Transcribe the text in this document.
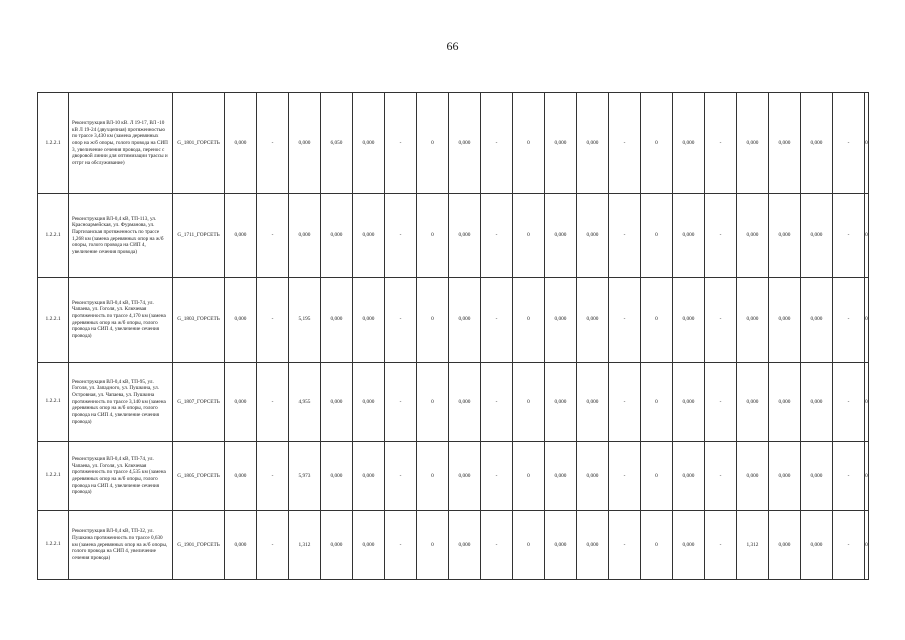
66
1.2.2.1	Реконструкция ВЛ-10 кВ. Л 19-17, ВЛ -10 кВ Л 19-24 (двухцепная) протяженностью по трассе 3,430 км (замена деревянных опор на ж/б опоры, голого провода на СИП 3, увеличение сечения провода, перенос с дворовой линии для оптимизации трассы и отгрг на обслуживание)	G_1801_ГОРСЕТЬ	0,000	-	0,000	6,050	0,000	-	0	0,000	-	0	0,000	0,000	-	0	0,000	-	0,000	0,000	0,000	-	0
1.2.2.1	Реконструкция ВЛ-0,4 кВ, ТП-113, ул. Красноармейская, ул. Фурманова, ул. Партизанская протяженность по трассе 1,268 км (замена деревянных опор на ж/б опоры, голого провода на СИП 4, увеличение сечения провода)	G_1711_ГОРСЕТЬ	0,000	-	0,000	0,000	0,000	-	0	0,000	-	0	0,000	0,000	-	0	0,000	-	0,000	0,000	0,000	-	0
1.2.2.1	Реконструкция ВЛ-0,4 кВ, ТП-74, ул. Чапаева, ул. Гоголя, ул. Ключевая протяженность по трассе 4,170 км (замена деревянных опор на ж/б опоры, голого провода на СИП 4, увеличение сечения провода)	G_1803_ГОРСЕТЬ	0,000	-	5,195	0,000	0,000	-	0	0,000	-	0	0,000	0,000	-	0	0,000	-	0,000	0,000	0,000	-	0
1.2.2.1	Реконструкция ВЛ-0,4 кВ, ТП-95, ул. Гоголя, ул. Западного, ул. Пушкина, ул. Островная, ул. Чапаева, ул. Пушкина протяженность по трассе 3,140 км (замена деревянных опор на ж/б опоры, голого провода на СИП 4, увеличение сечения провода)	G_1807_ГОРСЕТЬ	0,000	-	4,955	0,000	0,000	-	0	0,000	-	0	0,000	0,000	-	0	0,000	-	0,000	0,000	0,000	-	0
1.2.2.1	Реконструкция ВЛ-0,4 кВ, ТП-74, ул. Чапаева, ул. Гоголя, ул. Ключевая протяженность по трассе 4,535 км (замена деревянных опор на ж/б опоры, голого провода на СИП 4, увеличение сечения провода)	G_1805_ГОРСЕТЬ	0,000	-	5,973	0,000	0,000	-	0	0,000	-	0	0,000	0,000	-	0	0,000	-	0,000	0,000	0,000	-	0
1.2.2.1	Реконструкция ВЛ-0,4 кВ, ТП-32, ул. Пушкина протяженность по трассе 0,630 км (замена деревянных опор на ж/б опоры, голого провода на СИП 4, увеличение сечения провода)	G_1901_ГОРСЕТЬ	0,000	-	1,312	0,000	0,000	-	0	0,000	-	0	0,000	0,000	-	0	0,000	-	1,312	0,000	0,000	-	0
